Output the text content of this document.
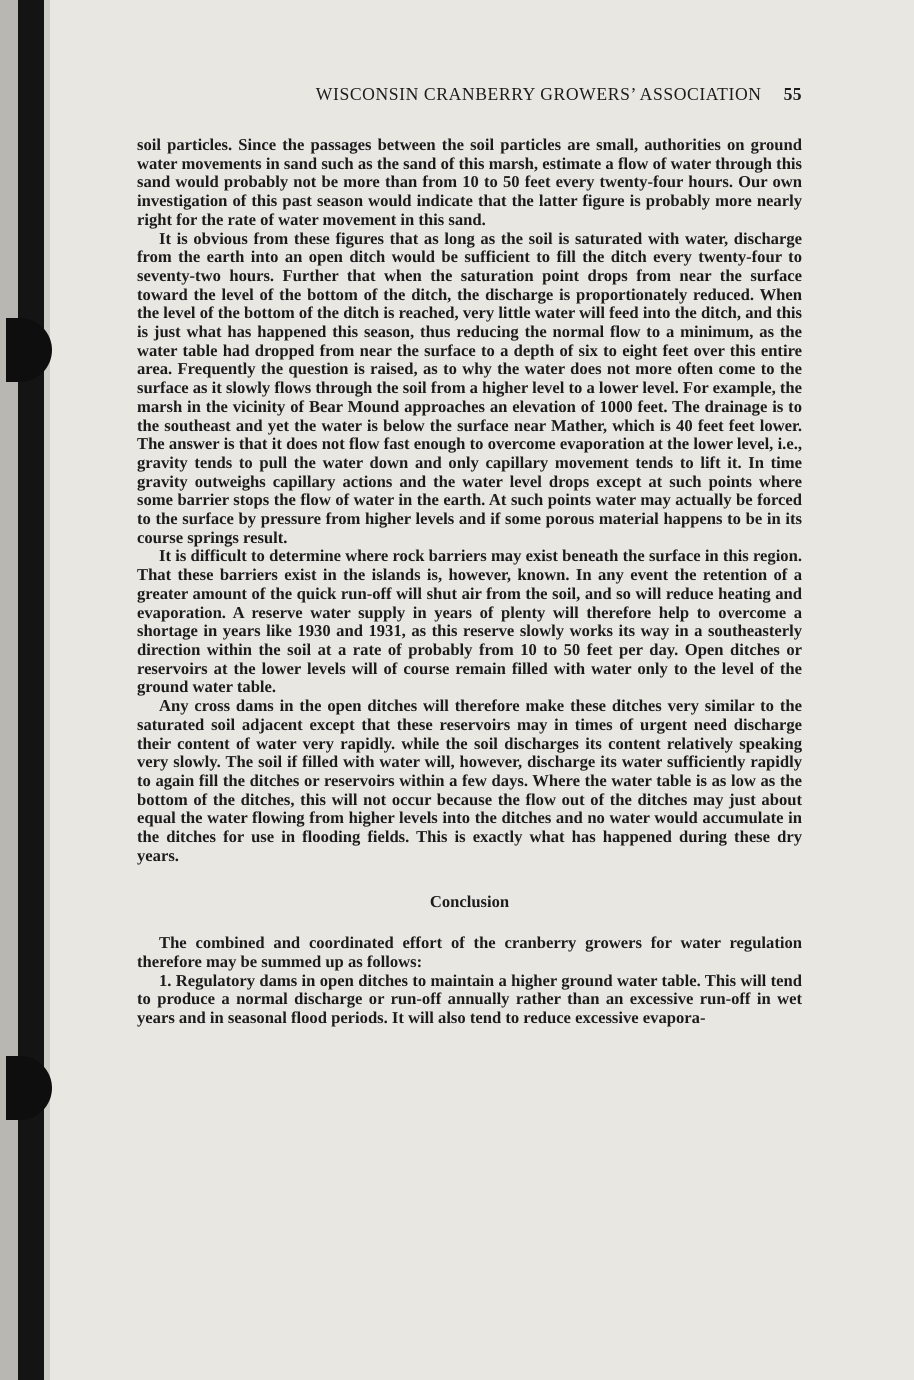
WISCONSIN CRANBERRY GROWERS’ ASSOCIATION 55

soil particles. Since the passages between the soil particles are small, authorities on ground water movements in sand such as the sand of this marsh, estimate a flow of water through this sand would probably not be more than from 10 to 50 feet every twenty-four hours. Our own investigation of this past season would indicate that the latter figure is probably more nearly right for the rate of water movement in this sand.

It is obvious from these figures that as long as the soil is saturated with water, discharge from the earth into an open ditch would be sufficient to fill the ditch every twenty-four to seventy-two hours. Further that when the saturation point drops from near the surface toward the level of the bottom of the ditch, the discharge is proportionately reduced. When the level of the bottom of the ditch is reached, very little water will feed into the ditch, and this is just what has happened this season, thus reducing the normal flow to a minimum, as the water table had dropped from near the surface to a depth of six to eight feet over this entire area. Frequently the question is raised, as to why the water does not more often come to the surface as it slowly flows through the soil from a higher level to a lower level. For example, the marsh in the vicinity of Bear Mound approaches an elevation of 1000 feet. The drainage is to the southeast and yet the water is below the surface near Mather, which is 40 feet feet lower. The answer is that it does not flow fast enough to overcome evaporation at the lower level, i.e., gravity tends to pull the water down and only capillary movement tends to lift it. In time gravity outweighs capillary actions and the water level drops except at such points where some barrier stops the flow of water in the earth. At such points water may actually be forced to the surface by pressure from higher levels and if some porous material happens to be in its course springs result.

It is difficult to determine where rock barriers may exist beneath the surface in this region. That these barriers exist in the islands is, however, known. In any event the retention of a greater amount of the quick run-off will shut air from the soil, and so will reduce heating and evaporation. A reserve water supply in years of plenty will therefore help to overcome a shortage in years like 1930 and 1931, as this reserve slowly works its way in a southeasterly direction within the soil at a rate of probably from 10 to 50 feet per day. Open ditches or reservoirs at the lower levels will of course remain filled with water only to the level of the ground water table.

Any cross dams in the open ditches will therefore make these ditches very similar to the saturated soil adjacent except that these reservoirs may in times of urgent need discharge their content of water very rapidly. while the soil discharges its content relatively speaking very slowly. The soil if filled with water will, however, discharge its water sufficiently rapidly to again fill the ditches or reservoirs within a few days. Where the water table is as low as the bottom of the ditches, this will not occur because the flow out of the ditches may just about equal the water flowing from higher levels into the ditches and no water would accumulate in the ditches for use in flooding fields. This is exactly what has happened during these dry years.

Conclusion

The combined and coordinated effort of the cranberry growers for water regulation therefore may be summed up as follows:

1. Regulatory dams in open ditches to maintain a higher ground water table. This will tend to produce a normal discharge or run-off annually rather than an excessive run-off in wet years and in seasonal flood periods. It will also tend to reduce excessive evapora-
